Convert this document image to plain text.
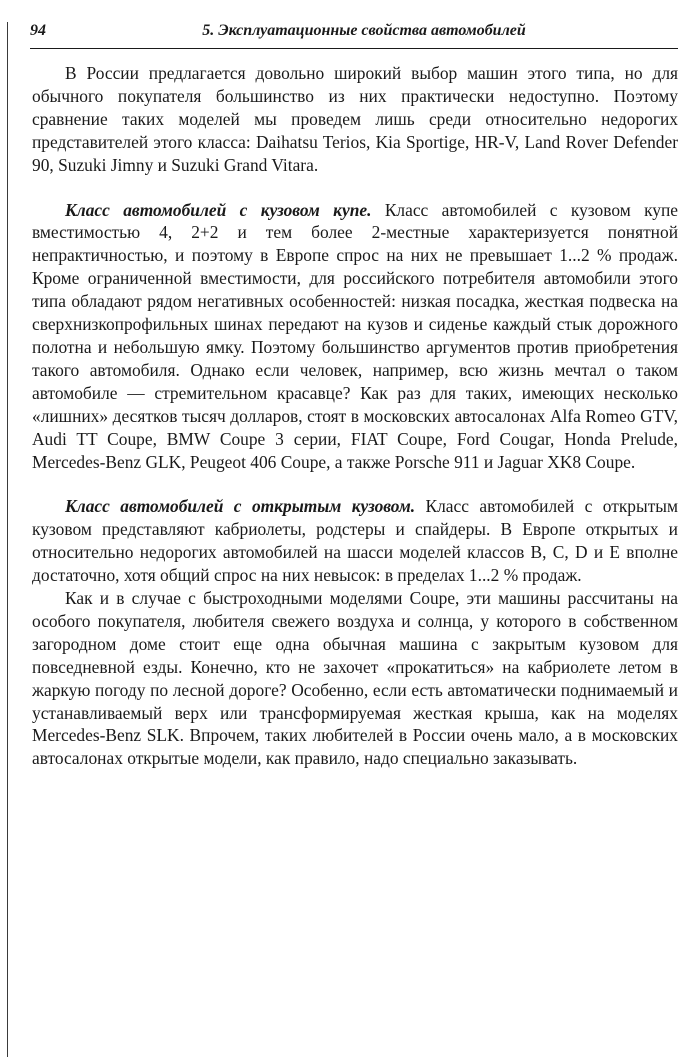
94	5. Эксплуатационные свойства автомобилей

В России предлагается довольно широкий выбор машин этого типа, но для обычного покупателя большинство из них практически недоступно. Поэтому сравнение таких моделей мы проведем лишь среди относительно недорогих представителей этого класса: Daihatsu Terios, Kia Sportige, HR-V, Land Rover Defender 90, Suzuki Jimny и Suzuki Grand Vitara.

Класс автомобилей с кузовом купе. Класс автомобилей с кузовом купе вместимостью 4, 2+2 и тем более 2-местные характеризуется понятной непрактичностью, и поэтому в Европе спрос на них не превышает 1...2 % продаж. Кроме ограниченной вместимости, для российского потребителя автомобили этого типа обладают рядом негативных особенностей: низкая посадка, жесткая подвеска на сверхнизкопрофильных шинах передают на кузов и сиденье каждый стык дорожного полотна и небольшую ямку. Поэтому большинство аргументов против приобретения такого автомобиля. Однако если человек, например, всю жизнь мечтал о таком автомобиле — стремительном красавце? Как раз для таких, имеющих несколько «лишних» десятков тысяч долларов, стоят в московских автосалонах Alfa Romeo GTV, Audi TT Coupe, BMW Coupe 3 серии, FIAT Coupe, Ford Cougar, Honda Prelude, Mercedes-Benz GLK, Peugeot 406 Coupe, а также Porsche 911 и Jaguar XK8 Coupe.

Класс автомобилей с открытым кузовом. Класс автомобилей с открытым кузовом представляют кабриолеты, родстеры и спайдеры. В Европе открытых и относительно недорогих автомобилей на шасси моделей классов В, С, D и Е вполне достаточно, хотя общий спрос на них невысок: в пределах 1...2 % продаж.

Как и в случае с быстроходными моделями Coupe, эти машины рассчитаны на особого покупателя, любителя свежего воздуха и солнца, у которого в собственном загородном доме стоит еще одна обычная машина с закрытым кузовом для повседневной езды. Конечно, кто не захочет «прокатиться» на кабриолете летом в жаркую погоду по лесной дороге? Особенно, если есть автоматически поднимаемый и устанавливаемый верх или трансформируемая жесткая крыша, как на моделях Mercedes-Benz SLK. Впрочем, таких любителей в России очень мало, а в московских автосалонах открытые модели, как правило, надо специально заказывать.
